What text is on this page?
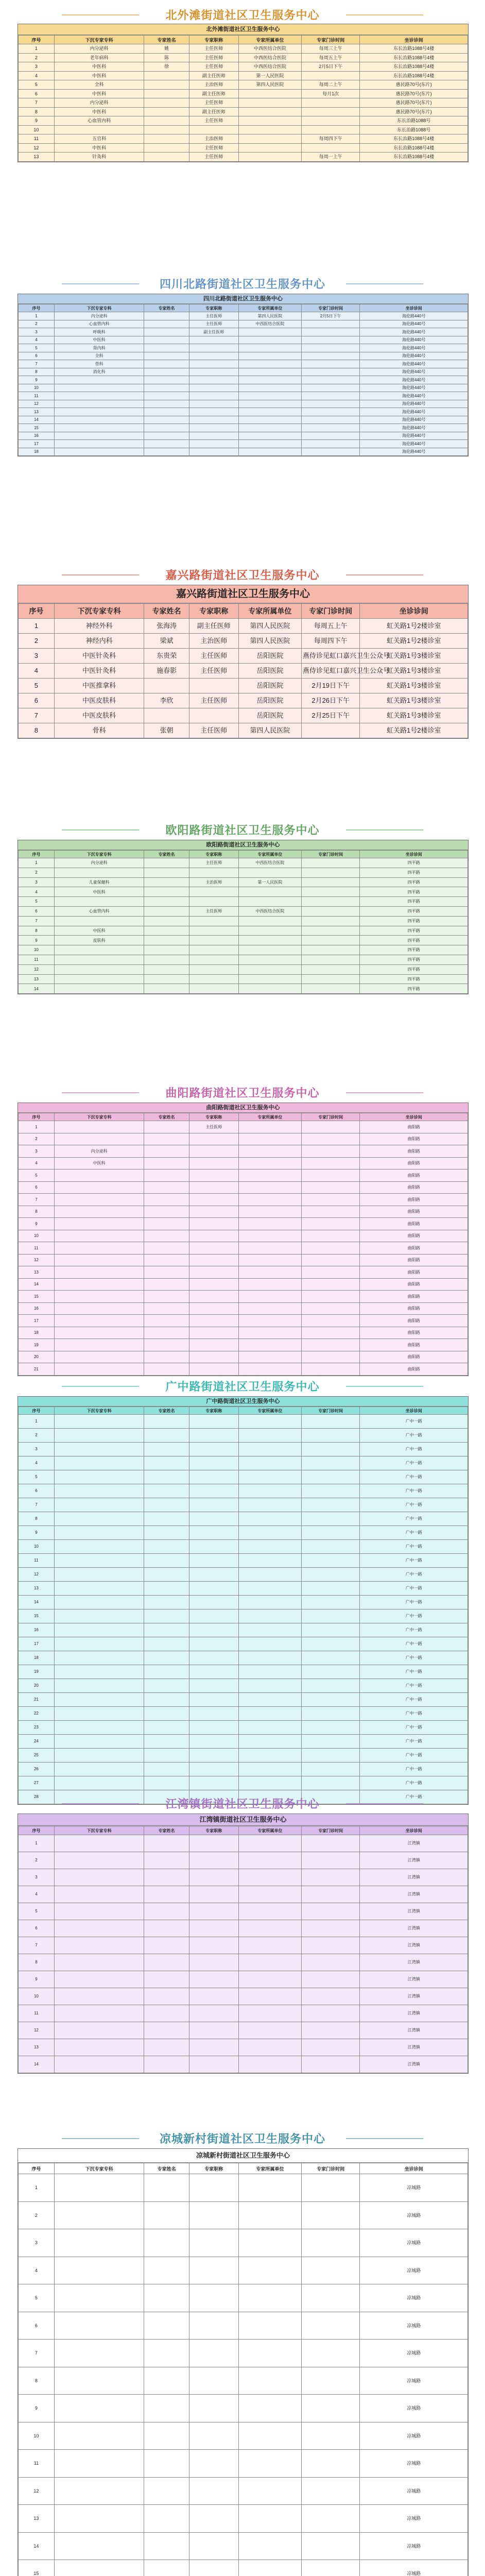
北外滩街道社区卫生服务中心
北外滩街道社区卫生服务中心
序号	下沉专家专科	专家姓名	专家职称	专家所属单位	专家门诊时间	坐诊诊间
1	内分泌科	姚	主任医师	中西医结合医院	每周三上午	东长治路1088号4楼
2	老年病科	陈	主任医师	中西医结合医院	每周五上午	东长治路1088号4楼
3	中医科	徐	主任医师	中西医结合医院	2月5日下午	东长治路1088号4楼
4	中医科		副主任医师	第一人民医院		东长治路1088号4楼
5	全科		主治医师	第四人民医院	每周二上午	惠民路70号(东片)
6	中医科		副主任医师		每月1次	惠民路70号(东片)
7	内分泌科		主任医师			惠民路70号(东片)
8	中医科		副主任医师			惠民路70号(东片)
9	心血管内科		主任医师			东长治路1088号
10						东长治路1088号
11	五官科		主治医师		每周四下午	东长治路1088号4楼
12	中医科		主任医师			东长治路1088号4楼
13	针灸科		主任医师		每周一上午	东长治路1088号4楼
四川北路街道社区卫生服务中心
四川北路街道社区卫生服务中心
序号	下沉专家专科	专家姓名	专家职称	专家所属单位	专家门诊时间	坐诊诊间
1	内分泌科		主任医师	第四人民医院	2月5日下午	海伦路440号
2	心血管内科		主任医师	中西医结合医院		海伦路440号
3	呼吸科		副主任医师			海伦路440号
4	中医科					海伦路440号
5	肾内科					海伦路440号
6	全科					海伦路440号
7	骨科					海伦路440号
8	消化科					海伦路440号
9						海伦路440号
10						海伦路440号
11						海伦路440号
12						海伦路440号
13						海伦路440号
14						海伦路440号
15						海伦路440号
16						海伦路440号
17						海伦路440号
18						海伦路440号
嘉兴路街道社区卫生服务中心
嘉兴路街道社区卫生服务中心
序号	下沉专家专科	专家姓名	专家职称	专家所属单位	专家门诊时间	坐诊诊间
1	神经外科	张海涛	副主任医师	第四人民医院	每周五上午	虹关路1号2楼诊室
2	神经内科	梁斌	主治医师	第四人民医院	每周四下午	虹关路1号2楼诊室
3	中医针灸科	东贵荣	主任医师	岳阳医院	燕侍诊见虹口嘉兴卫生公众号	虹关路1号3楼诊室
4	中医针灸科	施春影	主任医师	岳阳医院	燕侍诊见虹口嘉兴卫生公众号	虹关路1号3楼诊室
5	中医推拿科			岳阳医院	2月19日下午	虹关路1号3楼诊室
6	中医皮肤科	李欣	主任医师	岳阳医院	2月26日下午	虹关路1号3楼诊室
7	中医皮肤科			岳阳医院	2月25日下午	虹关路1号3楼诊室
8	骨科	张朝	主任医师	第四人民医院		虹关路1号2楼诊室
欧阳路街道社区卫生服务中心
欧阳路街道社区卫生服务中心
序号	下沉专家专科	专家姓名	专家职称	专家所属单位	专家门诊时间	坐诊诊间
1	内分泌科		主任医师	中西医结合医院		四平路
2						四平路
3	儿童保健科		主治医师	第一人民医院		四平路
4	中医科					四平路
5						四平路
6	心血管内科		主任医师	中西医结合医院		四平路
7						四平路
8	中医科					四平路
9	皮肤科					四平路
10						四平路
11						四平路
12						四平路
13						四平路
14						四平路
曲阳路街道社区卫生服务中心
曲阳路街道社区卫生服务中心
序号	下沉专家专科	专家姓名	专家职称	专家所属单位	专家门诊时间	坐诊诊间
1			主任医师			曲阳路
2						曲阳路
3	内分泌科					曲阳路
4	中医科					曲阳路
5						曲阳路
6						曲阳路
7						曲阳路
8						曲阳路
9						曲阳路
10						曲阳路
11						曲阳路
12						曲阳路
13						曲阳路
14						曲阳路
15						曲阳路
16						曲阳路
17						曲阳路
18						曲阳路
19						曲阳路
20						曲阳路
21						曲阳路
广中路街道社区卫生服务中心
广中路街道社区卫生服务中心
序号	下沉专家专科	专家姓名	专家职称	专家所属单位	专家门诊时间	坐诊诊间
1						广中一路
2						广中一路
3						广中一路
4						广中一路
5						广中一路
6						广中一路
7						广中一路
8						广中一路
9						广中一路
10						广中一路
11						广中一路
12						广中一路
13						广中一路
14						广中一路
15						广中一路
16						广中一路
17						广中一路
18						广中一路
19						广中一路
20						广中一路
21						广中一路
22						广中一路
23						广中一路
24						广中一路
25						广中一路
26						广中一路
27						广中一路
28						广中一路
江湾镇街道社区卫生服务中心
江湾镇街道社区卫生服务中心
序号	下沉专家专科	专家姓名	专家职称	专家所属单位	专家门诊时间	坐诊诊间
1						江湾镇
2						江湾镇
3						江湾镇
4						江湾镇
5						江湾镇
6						江湾镇
7						江湾镇
8						江湾镇
9						江湾镇
10						江湾镇
11						江湾镇
12						江湾镇
13						江湾镇
14						江湾镇
凉城新村街道社区卫生服务中心
凉城新村街道社区卫生服务中心
序号	下沉专家专科	专家姓名	专家职称	专家所属单位	专家门诊时间	坐诊诊间
1						凉城路
2						凉城路
3						凉城路
4						凉城路
5						凉城路
6						凉城路
7						凉城路
8						凉城路
9						凉城路
10						凉城路
11						凉城路
12						凉城路
13						凉城路
14						凉城路
15						凉城路
